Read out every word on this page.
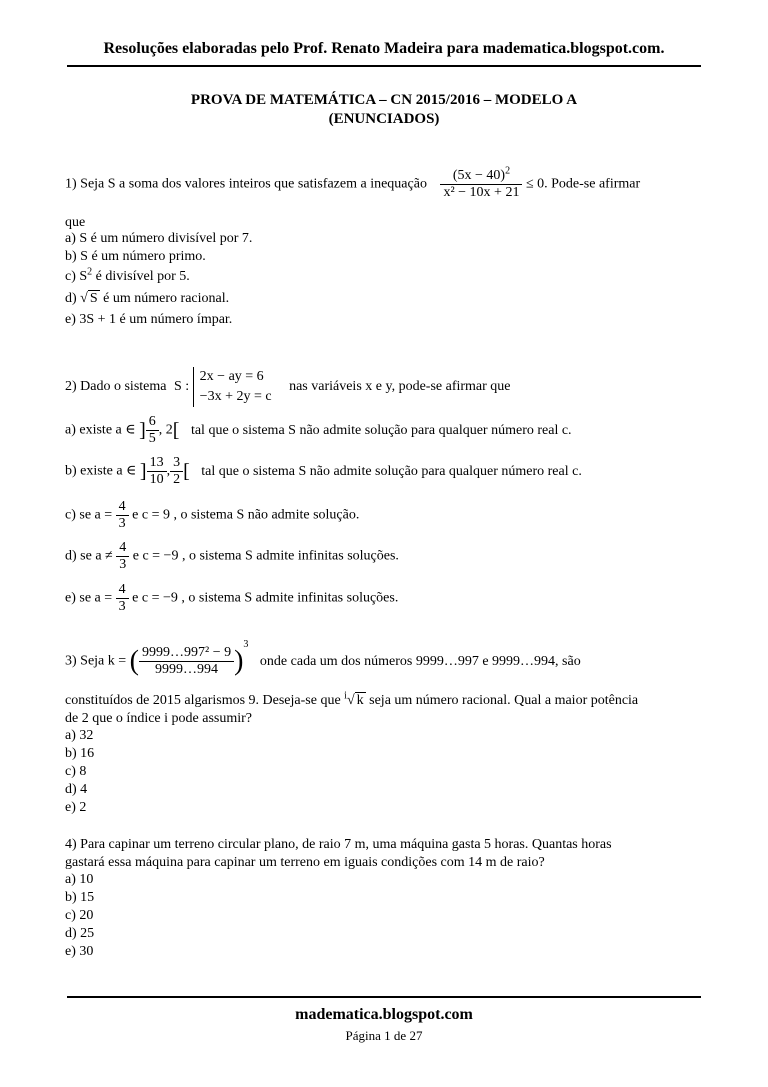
Resoluções elaboradas pelo Prof. Renato Madeira para madematica.blogspot.com.
PROVA DE MATEMÁTICA – CN 2015/2016 – MODELO A
(ENUNCIADOS)
1) Seja S a soma dos valores inteiros que satisfazem a inequação $\frac{(5x - 40)^2}{\text{x² − 10x + 21}} \le 0$. Pode-se afirmar
que
a) S é um número divisível por 7.
b) S é um número primo.
c) $S^2$ é divisível por 5.
d) √ S é um número racional.
e) 3S + 1 é um número ímpar.
2) Dado o sistema S :
2x − ay = 6
−3x + 2y = c
nas variáveis x e y, pode-se afirmar que
a) existe a ∈ ] $\frac{6}{5}$ , 2[ tal que o sistema S não admite solução para qualquer número real c.
b) existe a ∈ ] $\frac{13}{10}$ , $\frac{3}{2}$ [ tal que o sistema S não admite solução para qualquer número real c.
c) se $a = \frac{4}{3}$ e c = 9 , o sistema S não admite solução.
d) se $a \ne \frac{4}{3}$ e c = −9 , o sistema S admite infinitas soluções.
e) se $a = \frac{4}{3}$ e c = −9 , o sistema S admite infinitas soluções.
3) Seja k = ( $\frac{\text{9999…997² − 9}}{9999\dots 994} )^3$ onde cada um dos números 9999…997 e 9999…994, são
constituídos de 2015 algarismos 9. Deseja-se que $^i$√ k seja um número racional. Qual a maior potência
de 2 que o índice i pode assumir?
a) 32
b) 16
c) 8
d) 4
e) 2
4) Para capinar um terreno circular plano, de raio 7 m, uma máquina gasta 5 horas. Quantas horas
gastará essa máquina para capinar um terreno em iguais condições com 14 m de raio?
a) 10
b) 15
c) 20
d) 25
e) 30
madematica.blogspot.com
Página 1 de 27
